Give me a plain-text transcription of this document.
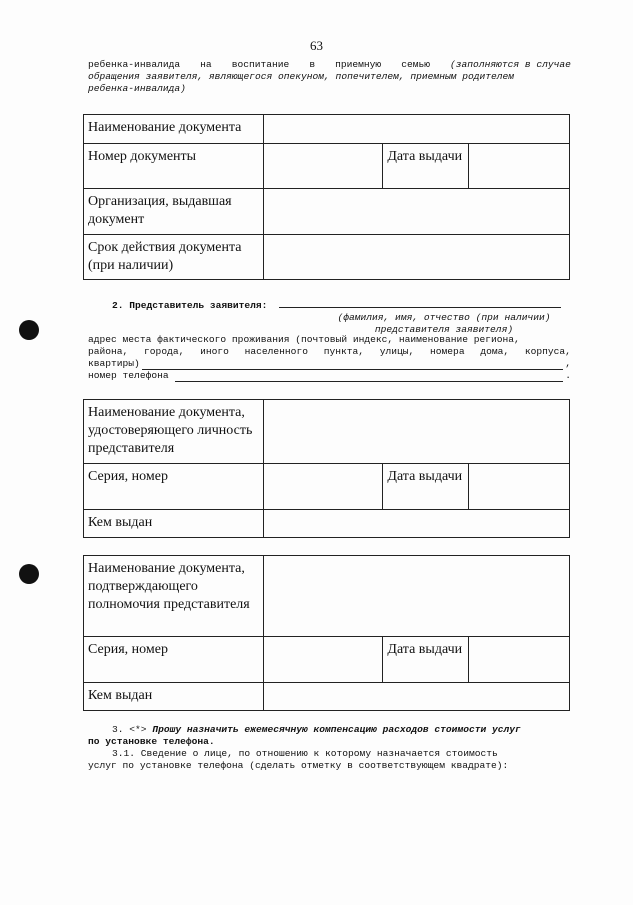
63
ребенка-инвалида на воспитание в приемную семью (заполняются в случае
обращения заявителя, являющегося опекуном, попечителем, приемным родителем
ребенка-инвалида)
Наименование документа			
Номер документы		Дата выдачи	
Организация, выдавшая документ			
Срок действия документа (при наличии)			
2. Представитель заявителя:
(фамилия, имя, отчество (при наличии)
представителя заявителя)
адрес места фактического проживания (почтовый индекс, наименование региона,
района, города, иного населенного пункта, улицы, номера дома, корпуса,
квартиры)	,
номер телефона	.
Наименование документа, удостоверяющего личность представителя			
Серия, номер		Дата выдачи	
Кем выдан			
Наименование документа, подтверждающего полномочия представителя			
Серия, номер		Дата выдачи	
Кем выдан			
3. <*> Прошу назначить ежемесячную компенсацию расходов стоимости услуг
по установке телефона.
3.1. Сведение о лице, по отношению к которому назначается стоимость
услуг по установке телефона (сделать отметку в соответствующем квадрате):
